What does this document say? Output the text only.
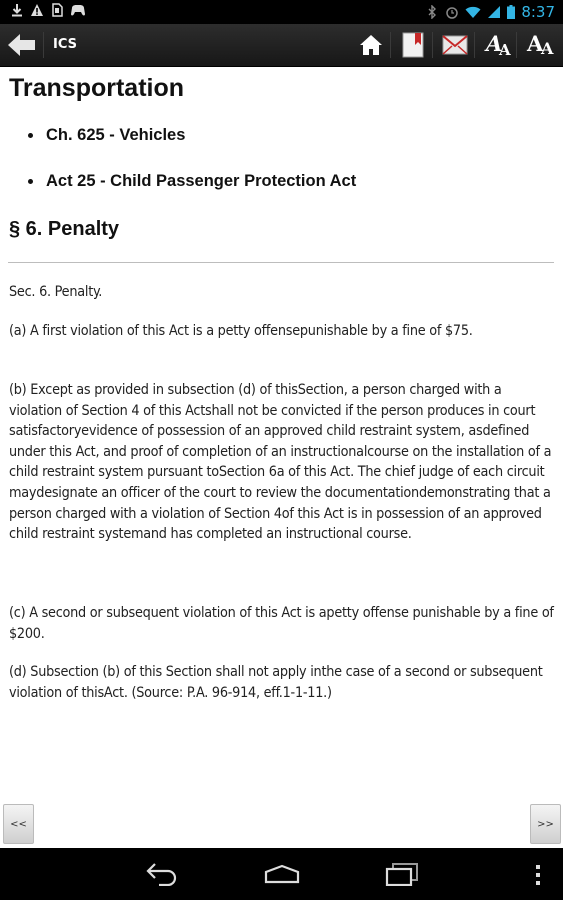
8:37
ICS	A
A A
A
Transportation
Ch. 625 - Vehicles
Act 25 - Child Passenger Protection Act
§ 6. Penalty

Sec. 6. Penalty.

(a) A first violation of this Act is a petty offensepunishable by a fine of $75.

(b) Except as provided in subsection (d) of thisSection, a person charged with a violation of Section 4 of this Actshall not be convicted if the person produces in court satisfactoryevidence of possession of an approved child restraint system, asdefined under this Act, and proof of completion of an instructionalcourse on the installation of a child restraint system pursuant toSection 6a of this Act. The chief judge of each circuit maydesignate an officer of the court to review the documentationdemonstrating that a person charged with a violation of Section 4of this Act is in possession of an approved child restraint systemand has completed an instructional course.

(c) A second or subsequent violation of this Act is apetty offense punishable by a fine of $200.

(d) Subsection (b) of this Section shall not apply inthe case of a second or subsequent violation of thisAct. (Source: P.A. 96-914, eff.1-1-11.)

<<	>>
